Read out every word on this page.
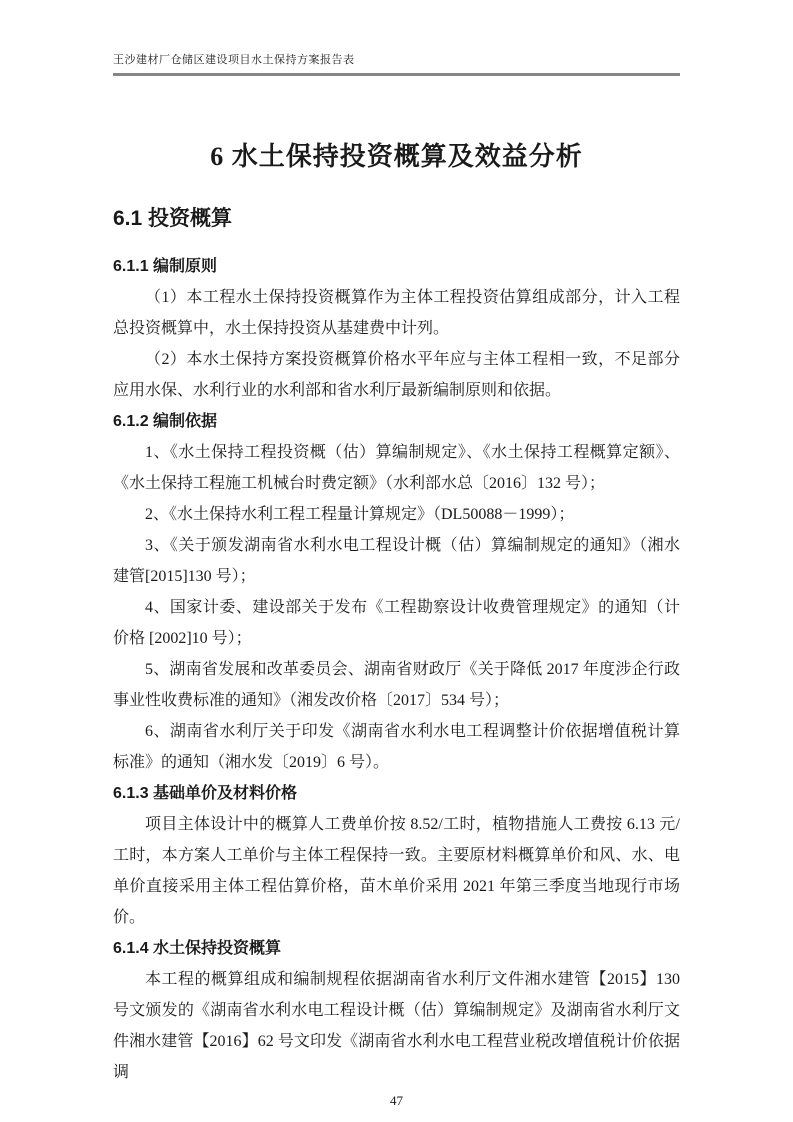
王沙建材厂仓储区建设项目水土保持方案报告表
6 水土保持投资概算及效益分析
6.1 投资概算
6.1.1 编制原则

（1）本工程水土保持投资概算作为主体工程投资估算组成部分，计入工程总投资概算中，水土保持投资从基建费中计列。

（2）本水土保持方案投资概算价格水平年应与主体工程相一致，不足部分应用水保、水利行业的水利部和省水利厅最新编制原则和依据。

6.1.2 编制依据

1、《水土保持工程投资概（估）算编制规定》、《水土保持工程概算定额》、《水土保持工程施工机械台时费定额》（水利部水总〔2016〕132 号）；

2、《水土保持水利工程工程量计算规定》（DL50088－1999）；

3、《关于颁发湖南省水利水电工程设计概（估）算编制规定的通知》（湘水建管[2015]130 号）；

4、国家计委、建设部关于发布《工程勘察设计收费管理规定》的通知（计价格 [2002]10 号）；

5、湖南省发展和改革委员会、湖南省财政厅《关于降低 2017 年度涉企行政事业性收费标准的通知》（湘发改价格〔2017〕534 号）；

6、湖南省水利厅关于印发《湖南省水利水电工程调整计价依据增值税计算标准》的通知（湘水发〔2019〕6 号）。

6.1.3 基础单价及材料价格

项目主体设计中的概算人工费单价按 8.52/工时，植物措施人工费按 6.13 元/工时，本方案人工单价与主体工程保持一致。主要原材料概算单价和风、水、电单价直接采用主体工程估算价格，苗木单价采用 2021 年第三季度当地现行市场价。

6.1.4 水土保持投资概算

本工程的概算组成和编制规程依据湖南省水利厅文件湘水建管【2015】130 号文颁发的《湖南省水利水电工程设计概（估）算编制规定》及湖南省水利厅文件湘水建管【2016】62 号文印发《湖南省水利水电工程营业税改增值税计价依据调

47
